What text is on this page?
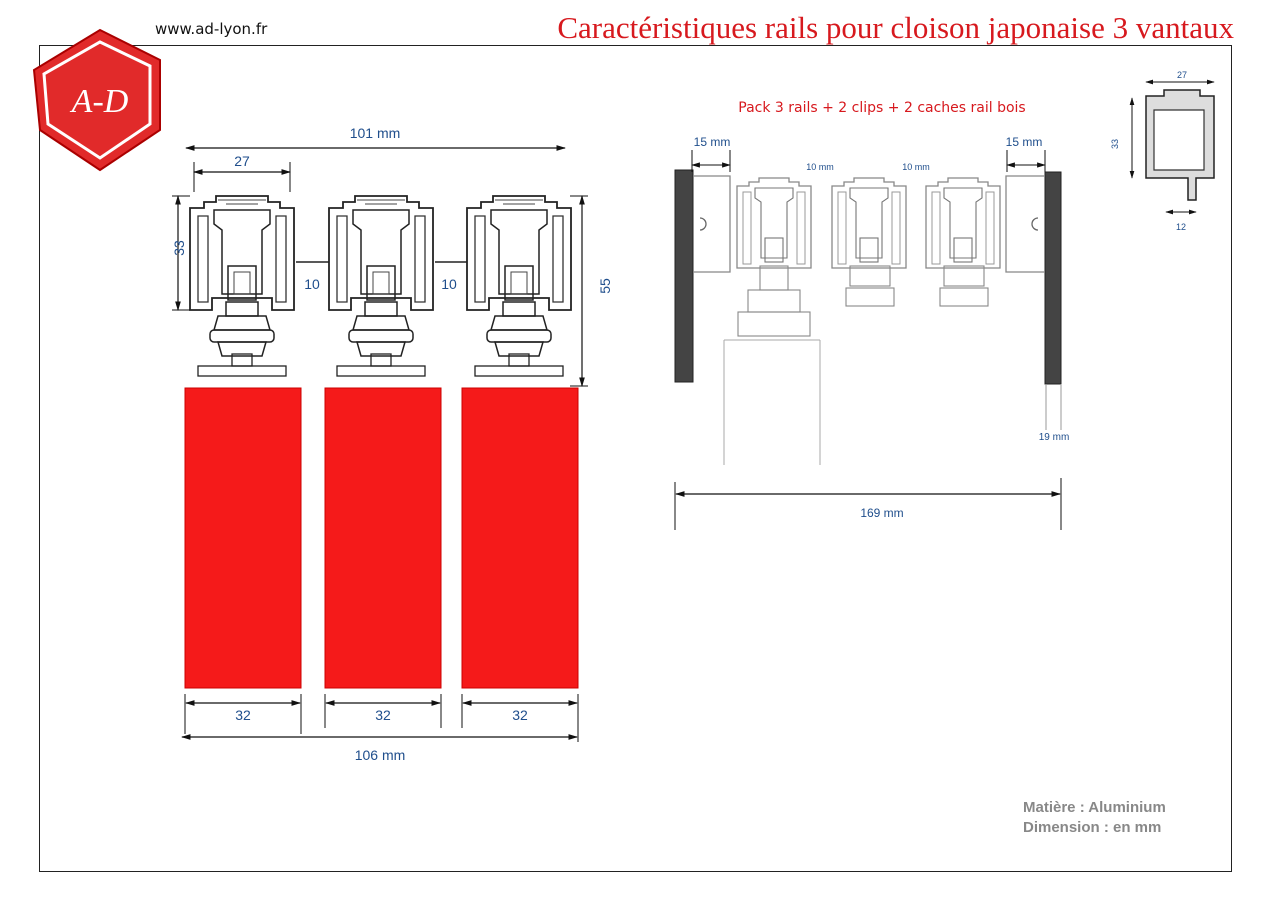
www.ad-lyon.fr	Caractéristiques rails pour cloison japonaise 3 vantaux
A-D
101 mm
27
33
10	10	55
32	32	32
106 mm
Pack 3 rails + 2 clips + 2 caches rail bois
15 mm	15 mm
10 mm	10 mm
19 mm
169 mm
27
33
12
Matière : Aluminium
Dimension : en mm
